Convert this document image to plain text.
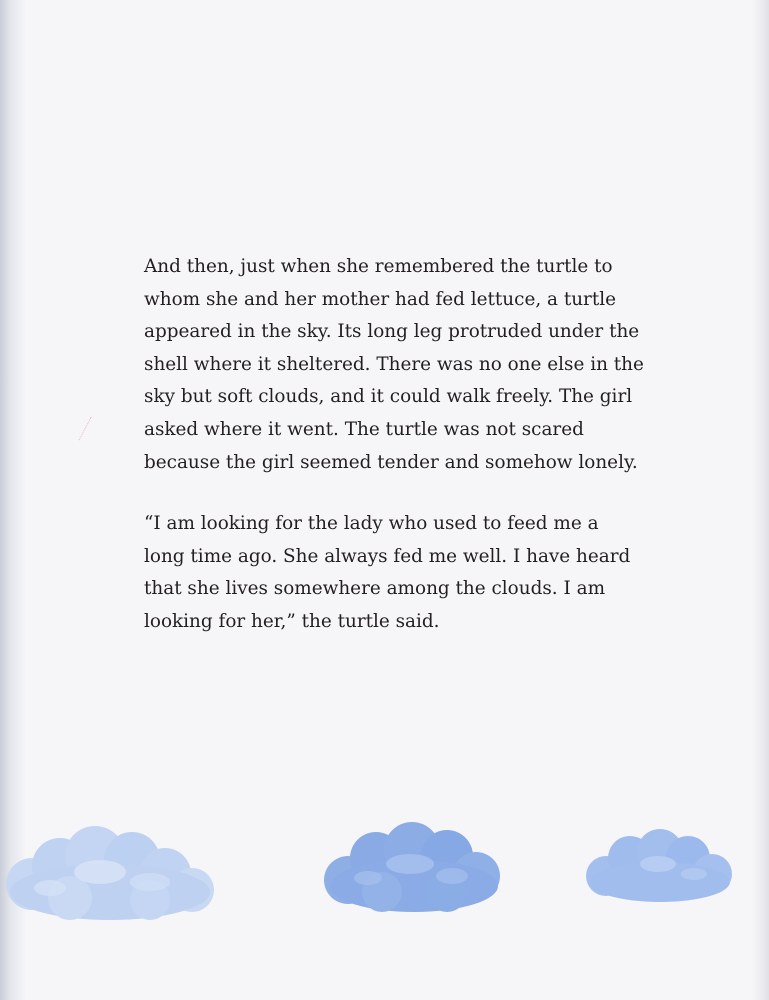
And then, just when she remembered the turtle to
whom she and her mother had fed lettuce, a turtle
appeared in the sky. Its long leg protruded under the
shell where it sheltered. There was no one else in the
sky but soft clouds, and it could walk freely. The girl
asked where it went. The turtle was not scared
because the girl seemed tender and somehow lonely.

“I am looking for the lady who used to feed me a
long time ago. She always fed me well. I have heard
that she lives somewhere among the clouds. I am
looking for her,” the turtle said.
